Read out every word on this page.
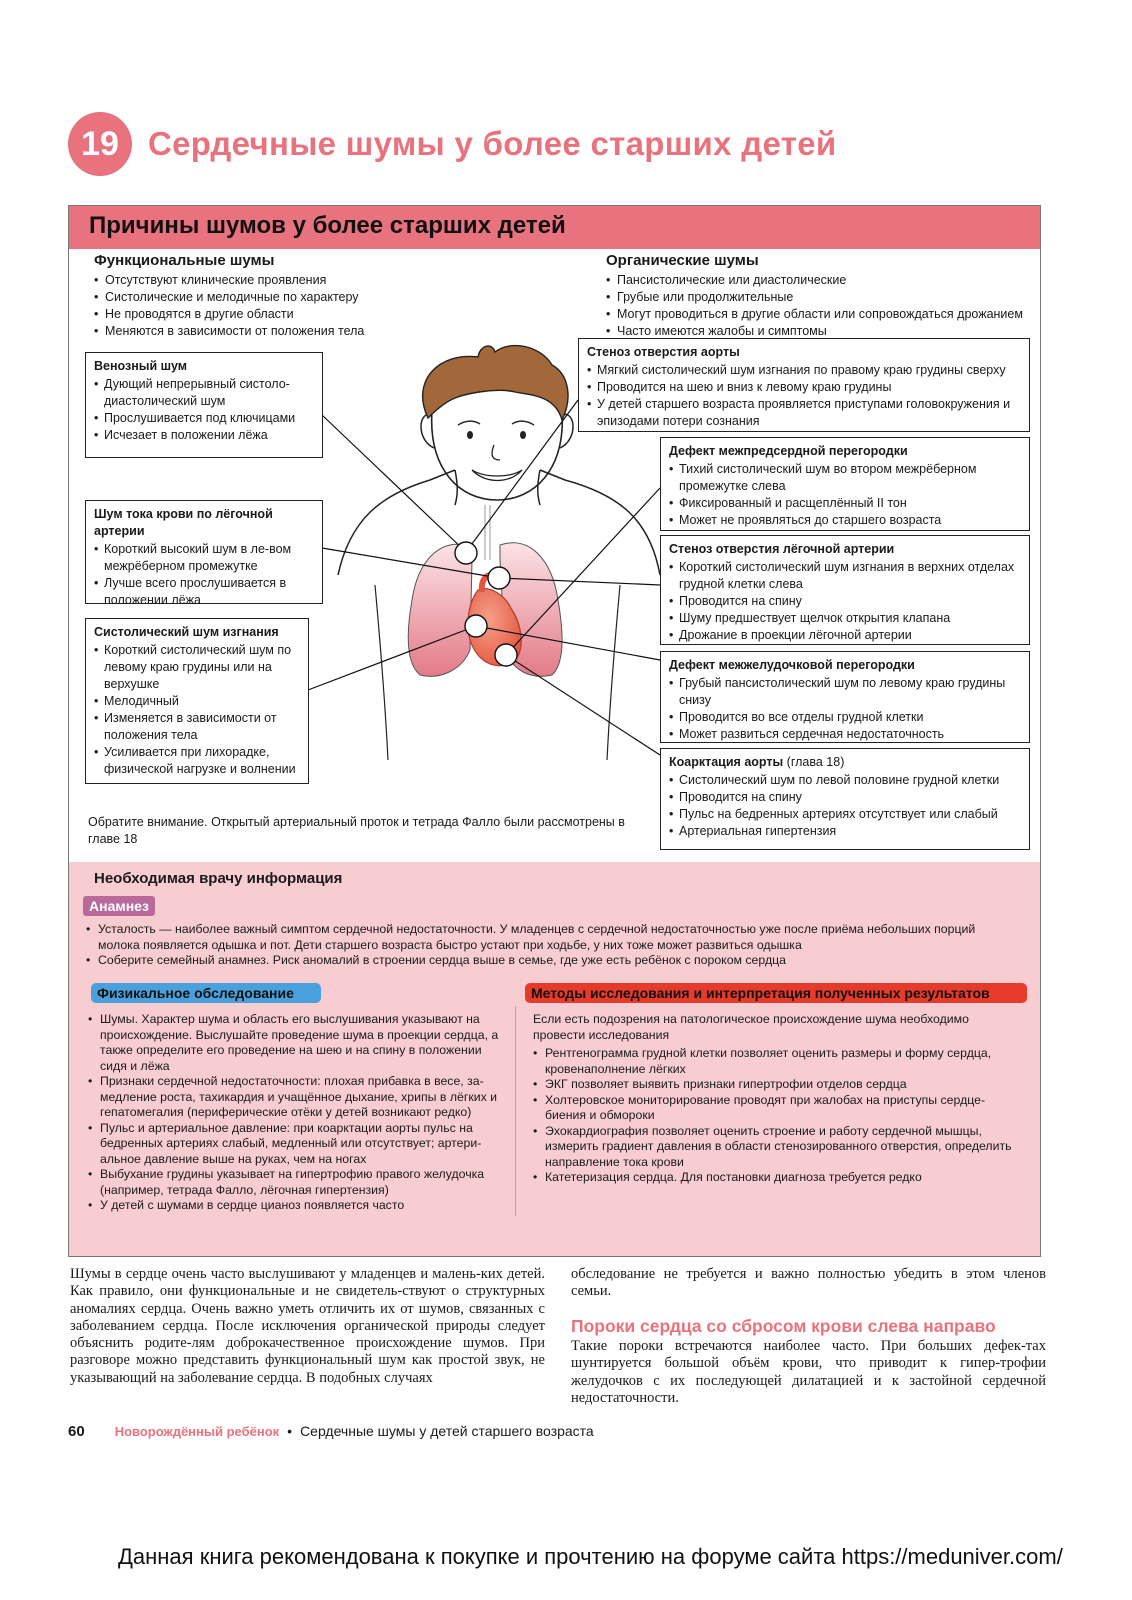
19 Сердечные шумы у более старших детей
Причины шумов у более старших детей
Функциональные шумы
• Отсутствуют клинические проявления
• Систолические и мелодичные по характеру
• Не проводятся в другие области
• Меняются в зависимости от положения тела
Органические шумы
• Пансистолические или диастолические
• Грубые или продолжительные
• Могут проводиться в другие области или сопровождаться дрожанием
• Часто имеются жалобы и симптомы
Венозный шум
• Дующий непрерывный систоло-диастолический шум
• Прослушивается под ключицами
• Исчезает в положении лёжа
Шум тока крови по лёгочной артерии
• Короткий высокий шум в ле-вом межрёберном промежутке
• Лучше всего прослушивается в положении лёжа
Систолический шум изгнания
• Короткий систолический шум по левому краю грудины или на верхушке
• Мелодичный
• Изменяется в зависимости от положения тела
• Усиливается при лихорадке, физической нагрузке и волнении
Стеноз отверстия аорты
• Мягкий систолический шум изгнания по правому краю грудины сверху
• Проводится на шею и вниз к левому краю грудины
• У детей старшего возраста проявляется приступами головокружения и эпизодами потери сознания
Дефект межпредсердной перегородки
• Тихий систолический шум во втором межрёберном промежутке слева
• Фиксированный и расщеплённый II тон
• Может не проявляться до старшего возраста
Стеноз отверстия лёгочной артерии
• Короткий систолический шум изгнания в верхних отделах грудной клетки слева
• Проводится на спину
• Шуму предшествует щелчок открытия клапана
• Дрожание в проекции лёгочной артерии
Дефект межжелудочковой перегородки
• Грубый пансистолический шум по левому краю грудины снизу
• Проводится во все отделы грудной клетки
• Может развиться сердечная недостаточность
Коарктация аорты (глава 18)
• Систолический шум по левой половине грудной клетки
• Проводится на спину
• Пульс на бедренных артериях отсутствует или слабый
• Артериальная гипертензия
Обратите внимание. Открытый артериальный проток и тетрада Фалло были рассмотрены в главе 18
Необходимая врачу информация
Анамнез
• Усталость — наиболее важный симптом сердечной недостаточности. У младенцев с сердечной недостаточностью уже после приёма небольших порций молока появляется одышка и пот. Дети старшего возраста быстро устают при ходьбе, у них тоже может развиться одышка
• Соберите семейный анамнез. Риск аномалий в строении сердца выше в семье, где уже есть ребёнок с пороком сердца
Физикальное обследование
• Шумы. Характер шума и область его выслушивания указывают на происхождение. Выслушайте проведение шума в проекции сердца, а также определите его проведение на шею и на спину в положении сидя и лёжа
• Признаки сердечной недостаточности: плохая прибавка в весе, за-медление роста, тахикардия и учащённое дыхание, хрипы в лёгких и гепатомегалия (периферические отёки у детей возникают редко)
• Пульс и артериальное давление: при коарктации аорты пульс на бедренных артериях слабый, медленный или отсутствует; артери-альное давление выше на руках, чем на ногах
• Выбухание грудины указывает на гипертрофию правого желудочка (например, тетрада Фалло, лёгочная гипертензия)
• У детей с шумами в сердце цианоз появляется часто
Методы исследования и интерпретация полученных результатов
Если есть подозрения на патологическое происхождение шума необходимо провести исследования
• Рентгенограмма грудной клетки позволяет оценить размеры и форму сердца, кровенаполнение лёгких
• ЭКГ позволяет выявить признаки гипертрофии отделов сердца
• Холтеровское мониторирование проводят при жалобах на приступы сердце-биения и обмороки
• Эхокардиография позволяет оценить строение и работу сердечной мышцы, измерить градиент давления в области стенозированного отверстия, определить направление тока крови
• Катетеризация сердца. Для постановки диагноза требуется редко
Шумы в сердце очень часто выслушивают у младенцев и малень-ких детей. Как правило, они функциональные и не свидетель-ствуют о структурных аномалиях сердца. Очень важно уметь отличить их от шумов, связанных с заболеванием сердца. После исключения органической природы следует объяснить родите-лям доброкачественное происхождение шумов. При разговоре можно представить функциональный шум как простой звук, не указывающий на заболевание сердца. В подобных случаях
обследование не требуется и важно полностью убедить в этом членов семьи.
Пороки сердца со сбросом крови слева направо
Такие пороки встречаются наиболее часто. При больших дефек-тах шунтируется большой объём крови, что приводит к гипер-трофии желудочков с их последующей дилатацией и к застойной сердечной недостаточности.
60 Новорождённый ребёнок • Сердечные шумы у детей старшего возраста
Данная книга рекомендована к покупке и прочтению на форуме сайта https://meduniver.com/
